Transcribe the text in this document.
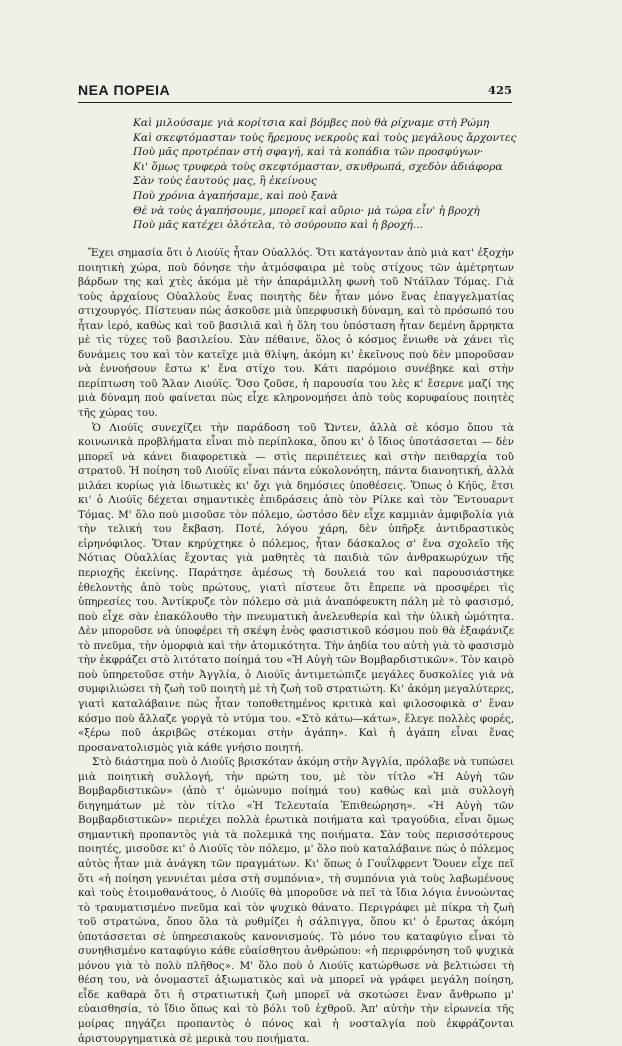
ΝΕΑ ΠΟΡΕΙΑ	425
Καὶ μιλούσαμε γιὰ κορίτσια καὶ βόμβες ποὺ θὰ ρίχναμε στὴ Ρώμη
Καὶ σκεφτόμασταν τοὺς ἤρεμους νεκροὺς καὶ τοὺς μεγάλους ἄρχοντες
Ποὺ μᾶς προτρέπαν στὴ σφαγή, καὶ τὰ κοπάδια τῶν προσφύγων·
Κι' ὅμως τρυφερὰ τοὺς σκεφτόμασταν, σκυθρωπά, σχεδὸν ἀδιάφορα
Σὰν τοὺς ἑαυτούς μας, ἢ ἐκείνους
Ποὺ χρόνια ἀγαπήσαμε, καὶ ποὺ ξανὰ
Θὲ νὰ τοὺς ἀγαπήσουμε, μπορεῖ καὶ αὔριο· μὰ τώρα εἶν' ἡ βροχὴ
Ποὺ μᾶς κατέχει ὁλότελα, τὸ σούρουπο καὶ ἡ βροχή...

Ἔχει σημασία ὅτι ὁ Λιούϊς ἦταν Οὐαλλός. Ὅτι κατάγονταν ἀπὸ μιὰ κατ' ἐξοχὴν ποιητικὴ χώρα, ποὺ δόνησε τὴν ἀτμόσφαιρα μὲ τοὺς στίχους τῶν ἀμέτρητων βάρδων της καὶ χτὲς ἀκόμα μὲ τὴν ἀπαράμιλλη φωνὴ τοῦ Ντάϊλαν Τόμας. Γιὰ τοὺς ἀρχαίους Οὐαλλοὺς ἕνας ποιητὴς δὲν ἦταν μόνο ἕνας ἐπαγγελματίας στιχουργός. Πίστευαν πὼς ἀσκοῦσε μιὰ ὑπερφυσικὴ δύναμη, καὶ τὸ πρόσωπό του ἦταν ἱερό, καθὼς καὶ τοῦ βασιλιᾶ καὶ ἡ ὅλη του ὑπόσταση ἦταν δεμένη ἄρρηκτα μὲ τὶς τύχες τοῦ βασιλείου. Σὰν πέθαινε, ὅλος ὁ κόσμος ἔνιωθε νὰ χάνει τὶς δυνάμεις του καὶ τὸν κατεῖχε μιὰ θλίψη, ἀκόμη κι' ἐκεῖνους ποὺ δὲν μποροῦσαν νὰ ἐννοήσουν ἔστω κ' ἕνα στίχο του. Κάτι παρόμοιο συνέβηκε καὶ στὴν περίπτωση τοῦ Ἄλαν Λιούϊς. Ὅσο ζοῦσε, ἡ παρουσία του λὲς κ' ἔσερνε μαζί της μιὰ δύναμη ποὺ φαίνεται πὼς εἶχε κληρονομήσει ἀπὸ τοὺς κορυφαίους ποιητὲς τῆς χώρας του.

Ὁ Λιούϊς συνεχίζει τὴν παράδοση τοῦ Ὤντεν, ἀλλὰ σὲ κόσμο ὅπου τὰ κοινωνικὰ προβλήματα εἶναι πιὸ περίπλοκα, ὅπου κι' ὁ ἴδιος ὑποτάσσεται — δὲν μπορεῖ νὰ κάνει διαφορετικὰ — στὶς περιπέτειες καὶ στὴν πειθαρχία τοῦ στρατοῦ. Ἡ ποίηση τοῦ Λιούϊς εἶναι πάντα εὐκολονόητη, πάντα διανοητική, ἀλλὰ μιλάει κυρίως γιὰ ἰδιωτικὲς κι' ὄχι γιὰ δημόσιες ὑποθέσεις. Ὅπως ὁ Κήϋς, ἔτσι κι' ὁ Λιούϊς δέχεται σημαντικὲς ἐπιδράσεις ἀπὸ τὸν Ρίλκε καὶ τὸν Ἔντουαρντ Τόμας. Μ' ὅλο ποὺ μισοῦσε τὸν πόλεμο, ὡστόσο δὲν εἶχε καμμιὰν ἀμφιβολία γιὰ τὴν τελικὴ του ἔκβαση. Ποτέ, λόγου χάρη, δὲν ὑπῆρξε ἀντιδραστικὸς εἰρηνόφιλος. Ὅταν κηρύχτηκε ὁ πόλεμος, ἦταν δάσκαλος σ' ἕνα σχολεῖο τῆς Νότιας Οὐαλλίας ἔχοντας γιὰ μαθητὲς τὰ παιδιὰ τῶν ἀνθρακωρύχων τῆς περιοχῆς ἐκείνης. Παράτησε ἀμέσως τὴ δουλειά του καὶ παρουσιάστηκε ἐθελοντὴς ἀπὸ τοὺς πρώτους, γιατὶ πίστευε ὅτι ἔπρεπε νὰ προσφέρει τὶς ὑπηρεσίες του. Ἀντίκρυζε τὸν πόλεμο σὰ μιὰ ἀναπόφευκτη πάλη μὲ τὸ φασισμό, ποὺ εἶχε σὰν ἐπακόλουθο τὴν πνευματικὴ ἀνελευθερία καὶ τὴν ὑλικὴ ὠμότητα. Δὲν μποροῦσε νὰ ὑποφέρει τὴ σκέψη ἑνὸς φασιστικοῦ κόσμου ποὺ θὰ ἐξαφάνιζε τὸ πνεῦμα, τὴν ὁμορφιὰ καὶ τὴν ἀτομικότητα. Τὴν ἀηδία του αὐτὴ γιὰ τὸ φασισμὸ τὴν ἐκφράζει στὸ λιτότατο ποίημά του «Ἡ Αὐγὴ τῶν Βομβαρδιστικῶν». Τὸν καιρὸ ποὺ ὑπηρετοῦσε στὴν Ἀγγλία, ὁ Λιούϊς ἀντιμετώπιζε μεγάλες δυσκολίες γιὰ νὰ συμφιλιώσει τὴ ζωὴ τοῦ ποιητὴ μὲ τὴ ζωὴ τοῦ στρατιώτη. Κι' ἀκόμη μεγαλύτερες, γιατὶ καταλάβαινε πὼς ἦταν τοποθετημένος κριτικὰ καὶ φιλοσοφικὰ σ' ἕναν κόσμο ποὺ ἄλλαζε γοργὰ τὸ ντύμα του. «Στὸ κάτω—κάτω», ἔλεγε πολλὲς φορές, «ξέρω ποῦ ἀκριβῶς στέκομαι στὴν ἀγάπη». Καὶ ἡ ἀγάπη εἶναι ἕνας προσανατολισμὸς γιὰ κάθε γνήσιο ποιητή.

Στὸ διάστημα ποὺ ὁ Λιούϊς βρισκόταν ἀκόμη στὴν Ἀγγλία, πρόλαβε νὰ τυπώσει μιὰ ποιητικὴ συλλογή, τὴν πρώτη του, μὲ τὸν τίτλο «Ἡ Αὐγὴ τῶν Βομβαρδιστικῶν» (ἀπὸ τ' ὁμώνυμο ποίημά του) καθὼς καὶ μιὰ συλλογὴ διηγημάτων μὲ τὸν τίτλο «Ἡ Τελευταία Ἐπιθεώρηση». «Ἡ Αὐγὴ τῶν Βομβαρδιστικῶν» περιέχει πολλὰ ἐρωτικὰ ποιήματα καὶ τραγούδια, εἶναι ὅμως σημαντικὴ προπαντὸς γιὰ τὰ πολεμικά της ποιήματα. Σὰν τοὺς περισσότερους ποιητές, μισοῦσε κι' ὁ Λιούϊς τὸν πόλεμο, μ' ὅλο ποὺ καταλάβαινε πὼς ὁ πόλεμος αὐτὸς ἦταν μιὰ ἀνάγκη τῶν πραγμάτων. Κι' ὅπως ὁ Γουΐλφρεντ Ὄουεν εἶχε πεῖ ὅτι «ἡ ποίηση γεννιέται μέσα στὴ συμπόνια», τὴ συμπόνια γιὰ τοὺς λαβωμένους καὶ τοὺς ἑτοιμοθανάτους, ὁ Λιούϊς θὰ μποροῦσε νὰ πεῖ τὰ ἴδια λόγια ἐννοώντας τὸ τραυματισμένο πνεῦμα καὶ τὸν ψυχικὸ θάνατο. Περιγράφει μὲ πίκρα τὴ ζωὴ τοῦ στρατώνα, ὅπου ὅλα τὰ ρυθμίζει ἡ σάλπιγγα, ὅπου κι' ὁ ἔρωτας ἀκόμη ὑποτάσσεται σὲ ὑπηρεσιακοὺς κανονισμούς. Τὸ μόνο του καταφύγιο εἶναι τὸ συνηθισμένο καταφύγιο κάθε εὐαίσθητου ἀνθρώπου: «ἡ περιφρόνηση τοῦ ψυχικὰ μόνου γιὰ τὸ πολὺ πλῆθος». Μ' ὅλο ποὺ ὁ Λιούϊς κατώρθωσε νὰ βελτιώσει τὴ θέση του, νὰ ὀνομαστεῖ ἀξιωματικὸς καὶ νὰ μπορεῖ νὰ γράφει μεγάλη ποίηση, εἶδε καθαρὰ ὅτι ἡ στρατιωτικὴ ζωὴ μπορεῖ νὰ σκοτώσει ἕναν ἄνθρωπο μ' εὐαισθησία, τὸ ἴδιο ὅπως καὶ τὸ βόλι τοῦ ἐχθροῦ. Ἀπ' αὐτὴν τὴν εἰρωνεία τῆς μοίρας πηγάζει προπαντὸς ὁ πόνος καὶ ἡ νοσταλγία ποὺ ἐκφράζονται ἀριστουργηματικὰ σὲ μερικὰ του ποιήματα.
